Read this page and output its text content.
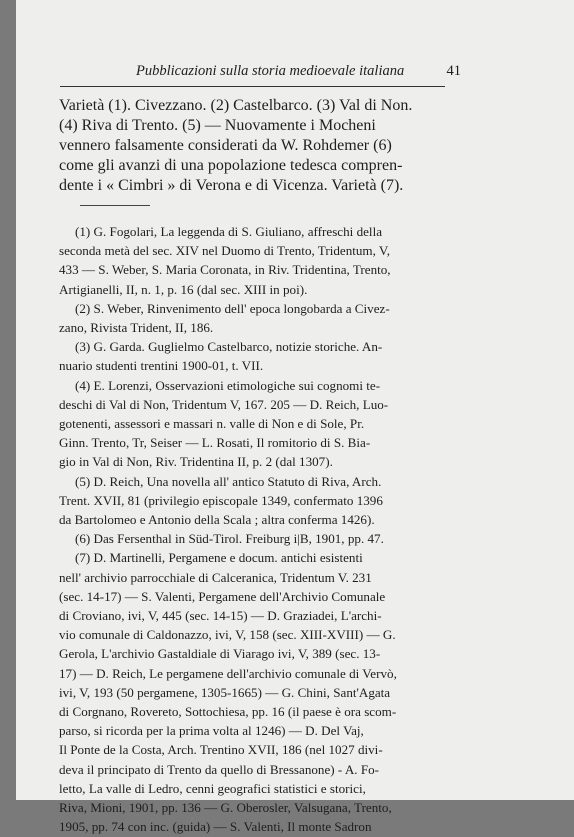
Pubblicazioni sulla storia medioevale italiana	41
Varietà (1). Civezzano. (2) Castelbarco. (3) Val di Non.
(4) Riva di Trento. (5) — Nuovamente i Mocheni
vennero falsamente considerati da W. Rohdemer (6)
come gli avanzi di una popolazione tedesca compren-
dente i « Cimbri » di Verona e di Vicenza. Varietà (7).
(1) G. Fogolari, La leggenda di S. Giuliano, affreschi della
seconda metà del sec. XIV nel Duomo di Trento, Tridentum, V,
433 — S. Weber, S. Maria Coronata, in Riv. Tridentina, Trento,
Artigianelli, II, n. 1, p. 16 (dal sec. XIII in poi).
(2) S. Weber, Rinvenimento dell' epoca longobarda a Civez-
zano, Rivista Trident, II, 186.
(3) G. Garda. Guglielmo Castelbarco, notizie storiche. An-
nuario studenti trentini 1900-01, t. VII.
(4) E. Lorenzi, Osservazioni etimologiche sui cognomi te-
deschi di Val di Non, Tridentum V, 167. 205 — D. Reich, Luo-
gotenenti, assessori e massari n. valle di Non e di Sole, Pr.
Ginn. Trento, Tr, Seiser — L. Rosati, Il romitorio di S. Bia-
gio in Val di Non, Riv. Tridentina II, p. 2 (dal 1307).
(5) D. Reich, Una novella all' antico Statuto di Riva, Arch.
Trent. XVII, 81 (privilegio episcopale 1349, confermato 1396
da Bartolomeo e Antonio della Scala ; altra conferma 1426).
(6) Das Fersenthal in Süd-Tirol. Freiburg i|B, 1901, pp. 47.
(7) D. Martinelli, Pergamene e docum. antichi esistenti
nell' archivio parrocchiale di Calceranica, Tridentum V. 231
(sec. 14-17) — S. Valenti, Pergamene dell'Archivio Comunale
di Croviano, ivi, V, 445 (sec. 14-15) — D. Graziadei, L'archi-
vio comunale di Caldonazzo, ivi, V, 158 (sec. XIII-XVIII) — G.
Gerola, L'archivio Gastaldiale di Viarago ivi, V, 389 (sec. 13-
17) — D. Reich, Le pergamene dell'archivio comunale di Vervò,
ivi, V, 193 (50 pergamene, 1305-1665) — G. Chini, Sant'Agata
di Corgnano, Rovereto, Sottochiesa, pp. 16 (il paese è ora scom-
parso, si ricorda per la prima volta al 1246) — D. Del Vaj,
Il Ponte de la Costa, Arch. Trentino XVII, 186 (nel 1027 divi-
deva il principato di Trento da quello di Bressanone) - A. Fo-
letto, La valle di Ledro, cenni geografici statistici e storici,
Riva, Mioni, 1901, pp. 136 — G. Oberosler, Valsugana, Trento,
1905, pp. 74 con inc. (guida) — S. Valenti, Il monte Sadron
